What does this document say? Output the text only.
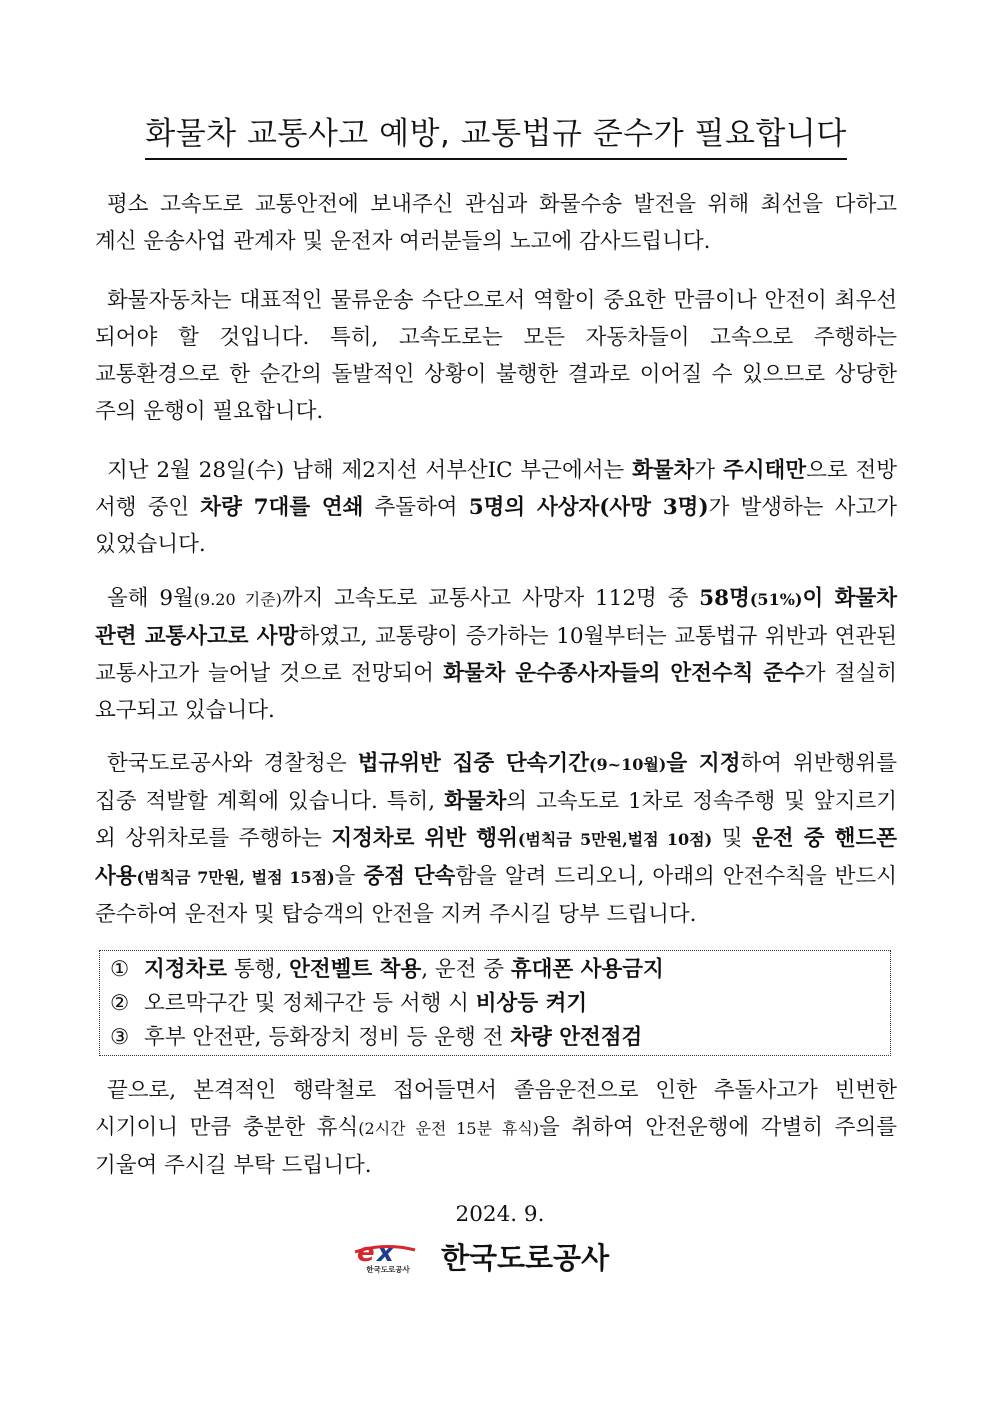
화물차 교통사고 예방, 교통법규 준수가 필요합니다
평소 고속도로 교통안전에 보내주신 관심과 화물수송 발전을 위해 최선을 다하고 계신 운송사업 관계자 및 운전자 여러분들의 노고에 감사드립니다.
화물자동차는 대표적인 물류운송 수단으로서 역할이 중요한 만큼이나 안전이 최우선 되어야 할 것입니다. 특히, 고속도로는 모든 자동차들이 고속으로 주행하는 교통환경으로 한 순간의 돌발적인 상황이 불행한 결과로 이어질 수 있으므로 상당한 주의 운행이 필요합니다.
지난 2월 28일(수) 남해 제2지선 서부산IC 부근에서는 화물차가 주시태만으로 전방 서행 중인 차량 7대를 연쇄 추돌하여 5명의 사상자(사망 3명)가 발생하는 사고가 있었습니다.
올해 9월(9.20 기준)까지 고속도로 교통사고 사망자 112명 중 58명(51%)이 화물차 관련 교통사고로 사망하였고, 교통량이 증가하는 10월부터는 교통법규 위반과 연관된 교통사고가 늘어날 것으로 전망되어 화물차 운수종사자들의 안전수칙 준수가 절실히 요구되고 있습니다.
한국도로공사와 경찰청은 법규위반 집중 단속기간(9~10월)을 지정하여 위반행위를 집중 적발할 계획에 있습니다. 특히, 화물차의 고속도로 1차로 정속주행 및 앞지르기 외 상위차로를 주행하는 지정차로 위반 행위(범칙금 5만원,벌점 10점) 및 운전 중 핸드폰 사용(범칙금 7만원, 벌점 15점)을 중점 단속함을 알려 드리오니, 아래의 안전수칙을 반드시 준수하여 운전자 및 탑승객의 안전을 지켜 주시길 당부 드립니다.
① 지정차로 통행, 안전벨트 착용, 운전 중 휴대폰 사용금지
② 오르막구간 및 정체구간 등 서행 시 비상등 켜기
③ 후부 안전판, 등화장치 정비 등 운행 전 차량 안전점검
끝으로, 본격적인 행락철로 접어들면서 졸음운전으로 인한 추돌사고가 빈번한 시기이니 만큼 충분한 휴식(2시간 운전 15분 휴식)을 취하여 안전운행에 각별히 주의를 기울여 주시길 부탁 드립니다.
2024. 9.
e x
한국도로공사 한국도로공사
